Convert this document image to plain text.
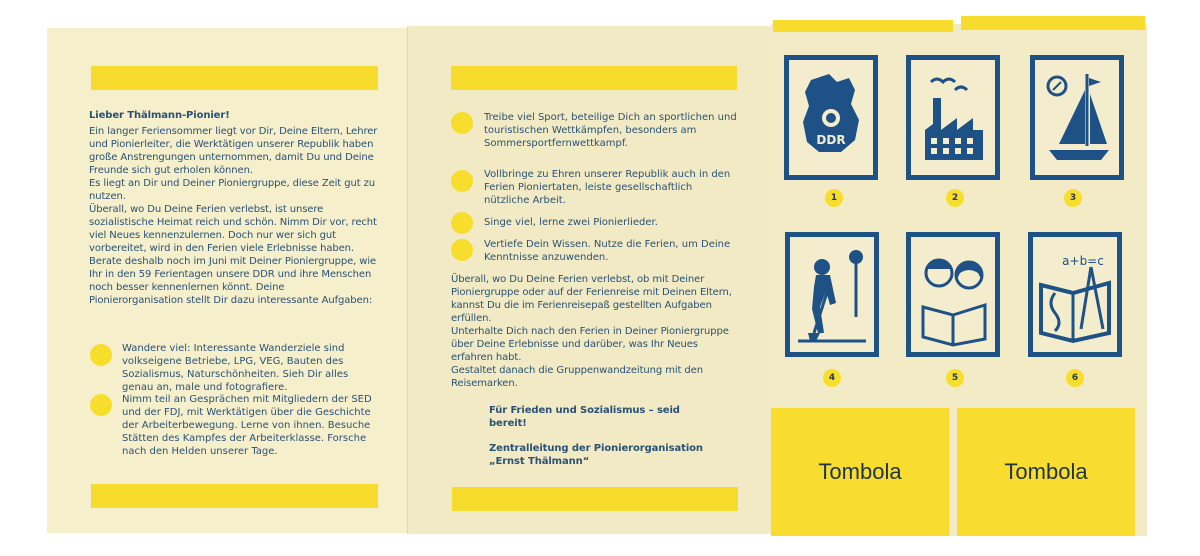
Lieber Thälmann-Pionier!

Ein langer Feriensommer liegt vor Dir, Deine Eltern, Lehrer und Pionierleiter, die Werktätigen unserer Republik haben große Anstrengungen unternommen, damit Du und Deine Freunde sich gut erholen können.

Es liegt an Dir und Deiner Pioniergruppe, diese Zeit gut zu nutzen.

Überall, wo Du Deine Ferien verlebst, ist unsere sozialistische Heimat reich und schön. Nimm Dir vor, recht viel Neues kennenzulernen. Doch nur wer sich gut vorbereitet, wird in den Ferien viele Erlebnisse haben.

Berate deshalb noch im Juni mit Deiner Pioniergruppe, wie Ihr in den 59 Ferientagen unsere DDR und ihre Menschen noch besser kennenlernen könnt. Deine Pionierorganisation stellt Dir dazu interessante Aufgaben:

Wandere viel: Interessante Wanderziele sind volkseigene Betriebe, LPG, VEG, Bauten des Sozialismus, Naturschönheiten. Sieh Dir alles genau an, male und fotografiere.
Nimm teil an Gesprächen mit Mitgliedern der SED und der FDJ, mit Werktätigen über die Geschichte der Arbeiterbewegung. Lerne von ihnen. Besuche Stätten des Kampfes der Arbeiterklasse. Forsche nach den Helden unserer Tage.
Treibe viel Sport, beteilige Dich an sportlichen und touristischen Wettkämpfen, besonders am Sommersportfernwettkampf.
Vollbringe zu Ehren unserer Republik auch in den Ferien Pioniertaten, leiste gesellschaftlich nützliche Arbeit.
Singe viel, lerne zwei Pionierlieder.
Vertiefe Dein Wissen. Nutze die Ferien, um Deine Kenntnisse anzuwenden.

Überall, wo Du Deine Ferien verlebst, ob mit Deiner Pioniergruppe oder auf der Ferienreise mit Deinen Eltern, kannst Du die im Ferienreisepaß gestellten Aufgaben erfüllen.

Unterhalte Dich nach den Ferien in Deiner Pioniergruppe über Deine Erlebnisse und darüber, was Ihr Neues erfahren habt.

Gestaltet danach die Gruppenwandzeitung mit den Reisemarken.

Für Frieden und Sozialismus – seid bereit!
Zentralleitung der Pionierorganisation „Ernst Thälmann“
DDR
1	2	3
4	5
a+b=c
6
Tombola	Tombola
